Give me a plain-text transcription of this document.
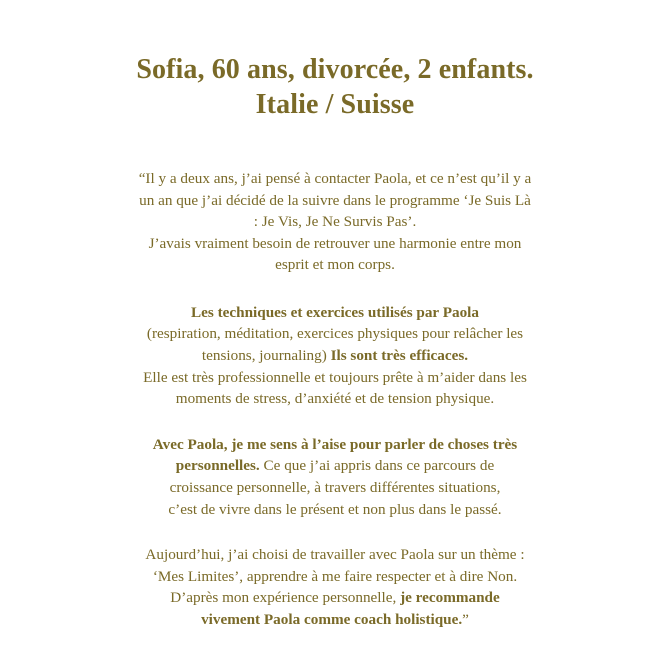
Sofia, 60 ans, divorcée, 2 enfants.
Italie / Suisse

“Il y a deux ans, j’ai pensé à contacter Paola, et ce n’est qu’il y a
un an que j’ai décidé de la suivre dans le programme ‘Je Suis Là
: Je Vis, Je Ne Survis Pas’.
J’avais vraiment besoin de retrouver une harmonie entre mon
esprit et mon corps.

Les techniques et exercices utilisés par Paola
(respiration, méditation, exercices physiques pour relâcher les
tensions, journaling) Ils sont très efficaces.
Elle est très professionnelle et toujours prête à m’aider dans les
moments de stress, d’anxiété et de tension physique.

Avec Paola, je me sens à l’aise pour parler de choses très
personnelles. Ce que j’ai appris dans ce parcours de
croissance personnelle, à travers différentes situations,
c’est de vivre dans le présent et non plus dans le passé.

Aujourd’hui, j’ai choisi de travailler avec Paola sur un thème :
‘Mes Limites’, apprendre à me faire respecter et à dire Non.
D’après mon expérience personnelle, je recommande
vivement Paola comme coach holistique.”
